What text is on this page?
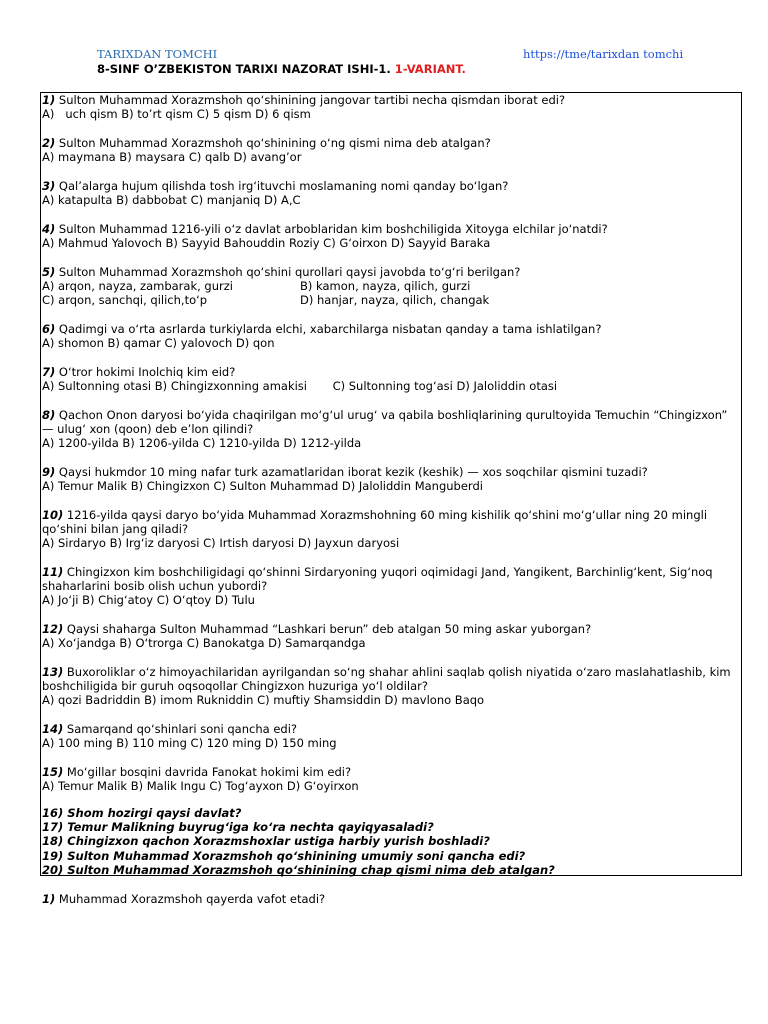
TARIXDAN TOMCHI	https://tme/tarixdan tomchi
8-SINF O’ZBEKISTON TARIXI NAZORAT ISHI-1. 1-VARIANT.
1) Sulton Muhammad Xorazmshoh qo‘shinining jangovar tartibi necha qismdan iborat edi?
A)   uch qism B) to’rt qism C) 5 qism D) 6 qism
2) Sulton Muhammad Xorazmshoh qo‘shinining o‘ng qismi nima deb atalgan?
A) maymana B) maysara C) qalb D) avang’or
3) Qal’alarga hujum qilishda tosh irg‘ituvchi moslamaning nomi qanday bo‘lgan?
A) katapulta B) dabbobat C) manjaniq D) A,C
4) Sulton Muhammad 1216-yili o‘z davlat arboblaridan kim boshchiligida Xitoyga elchilar jo‘natdi?
A) Mahmud Yalovoch B) Sayyid Bahouddin Roziy C) G‘oirxon D) Sayyid Baraka
5) Sulton Muhammad Xorazmshoh qo‘shini qurollari qaysi javobda to‘g‘ri berilgan?
A) arqon, nayza, zambarak, gurzi	B) kamon, nayza, qilich, gurzi
C) arqon, sanchqi, qilich,to‘p	D) hanjar, nayza, qilich, changak
6) Qadimgi va o‘rta asrlarda turkiylarda elchi, xabarchilarga nisbatan qanday a tama ishlatilgan?
A) shomon B) qamar C) yalovoch D) qon
7) O‘tror hokimi Inolchiq kim eid?
A) Sultonning otasi B) Chingizxonning amakisi       C) Sultonning tog‘asi D) Jaloliddin otasi
8) Qachon Onon daryosi bo‘yida chaqirilgan mo‘g‘ul urug‘ va qabila boshliqlarining qurultoyida Temuchin “Chingizxon” — ulug‘ xon (qoon) deb e’lon qilindi?
A) 1200-yilda B) 1206-yilda C) 1210-yilda D) 1212-yilda
9) Qaysi hukmdor 10 ming nafar turk azamatlaridan iborat kezik (keshik) — xos soqchilar qismini tuzadi?
A) Temur Malik B) Chingizxon C) Sulton Muhammad D) Jaloliddin Manguberdi
10) 1216-yilda qaysi daryo bo‘yida Muhammad Xorazmshohning 60 ming kishilik qo‘shini mo‘g‘ullar ning 20 mingli qo‘shini bilan jang qiladi?
A) Sirdaryo B) Irg‘iz daryosi C) Irtish daryosi D) Jayxun daryosi
11) Chingizxon kim boshchiligidagi qo‘shinni Sirdaryoning yuqori oqimidagi Jand, Yangikent, Barchinlig‘kent, Sig‘noq shaharlarini bosib olish uchun yubordi?
A) Jo‘ji B) Chig‘atoy C) O‘qtoy D) Tulu
12) Qaysi shaharga Sulton Muhammad “Lashkari berun” deb atalgan 50 ming askar yuborgan?
A) Xo‘jandga B) O‘trorga C) Banokatga D) Samarqandga
13) Buxoroliklar o‘z himoyachilaridan ayrilgandan so‘ng shahar ahlini saqlab qolish niyatida o‘zaro maslahatlashib, kim boshchiligida bir guruh oqsoqollar Chingizxon huzuriga yo‘l oldilar?
A) qozi Badriddin B) imom Rukniddin C) muftiy Shamsiddin D) mavlono Baqo
14) Samarqand qo‘shinlari soni qancha edi?
A) 100 ming B) 110 ming C) 120 ming D) 150 ming
15) Mo‘gillar bosqini davrida Fanokat hokimi kim edi?
A) Temur Malik B) Malik Ingu C) Tog‘ayxon D) G‘oyirxon
16) Shom hozirgi qaysi davlat?
17) Temur Malikning buyrug‘iga ko‘ra nechta qayiqyasaladi?
18) Chingizxon qachon Xorazmshoxlar ustiga harbiy yurish boshladi?
19) Sulton Muhammad Xorazmshoh qo‘shinining umumiy soni qancha edi?
20) Sulton Muhammad Xorazmshoh qo‘shinining chap qismi nima deb atalgan?
1) Muhammad Xorazmshoh qayerda vafot etadi?
